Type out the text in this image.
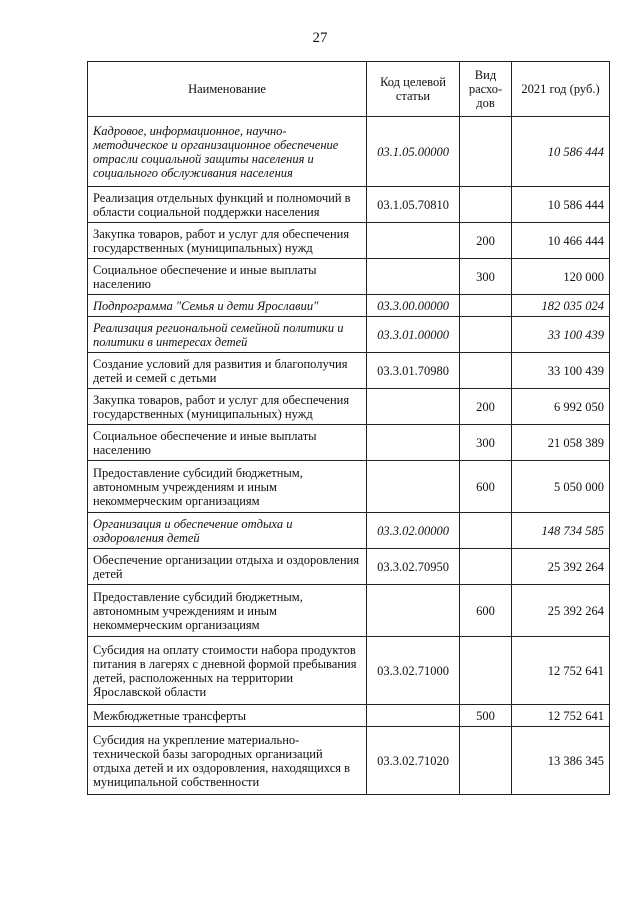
27
Наименование	Код целевой статьи	Вид расхо-дов	2021 год (руб.)
Кадровое, информационное, научно-методическое и организационное обеспечение отрасли социальной защиты населения и социального обслуживания населения	03.1.05.00000		10 586 444
Реализация отдельных функций и полномочий в области социальной поддержки населения	03.1.05.70810		10 586 444
Закупка товаров, работ и услуг для обеспечения государственных (муниципальных) нужд		200	10 466 444
Социальное обеспечение и иные выплаты населению		300	120 000
Подпрограмма "Семья и дети Ярославии"	03.3.00.00000		182 035 024
Реализация региональной семейной политики и политики в интересах детей	03.3.01.00000		33 100 439
Создание условий для развития и благополучия детей и семей с детьми	03.3.01.70980		33 100 439
Закупка товаров, работ и услуг для обеспечения государственных (муниципальных) нужд		200	6 992 050
Социальное обеспечение и иные выплаты населению		300	21 058 389
Предоставление субсидий бюджетным, автономным учреждениям и иным некоммерческим организациям		600	5 050 000
Организация и обеспечение отдыха и оздоровления детей	03.3.02.00000		148 734 585
Обеспечение организации отдыха и оздоровления детей	03.3.02.70950		25 392 264
Предоставление субсидий бюджетным, автономным учреждениям и иным некоммерческим организациям		600	25 392 264
Субсидия на оплату стоимости набора продуктов питания в лагерях с дневной формой пребывания детей, расположенных на территории Ярославской области	03.3.02.71000		12 752 641
Межбюджетные трансферты		500	12 752 641
Субсидия на укрепление материально-технической базы загородных организаций отдыха детей и их оздоровления, находящихся в муниципальной собственности	03.3.02.71020		13 386 345
